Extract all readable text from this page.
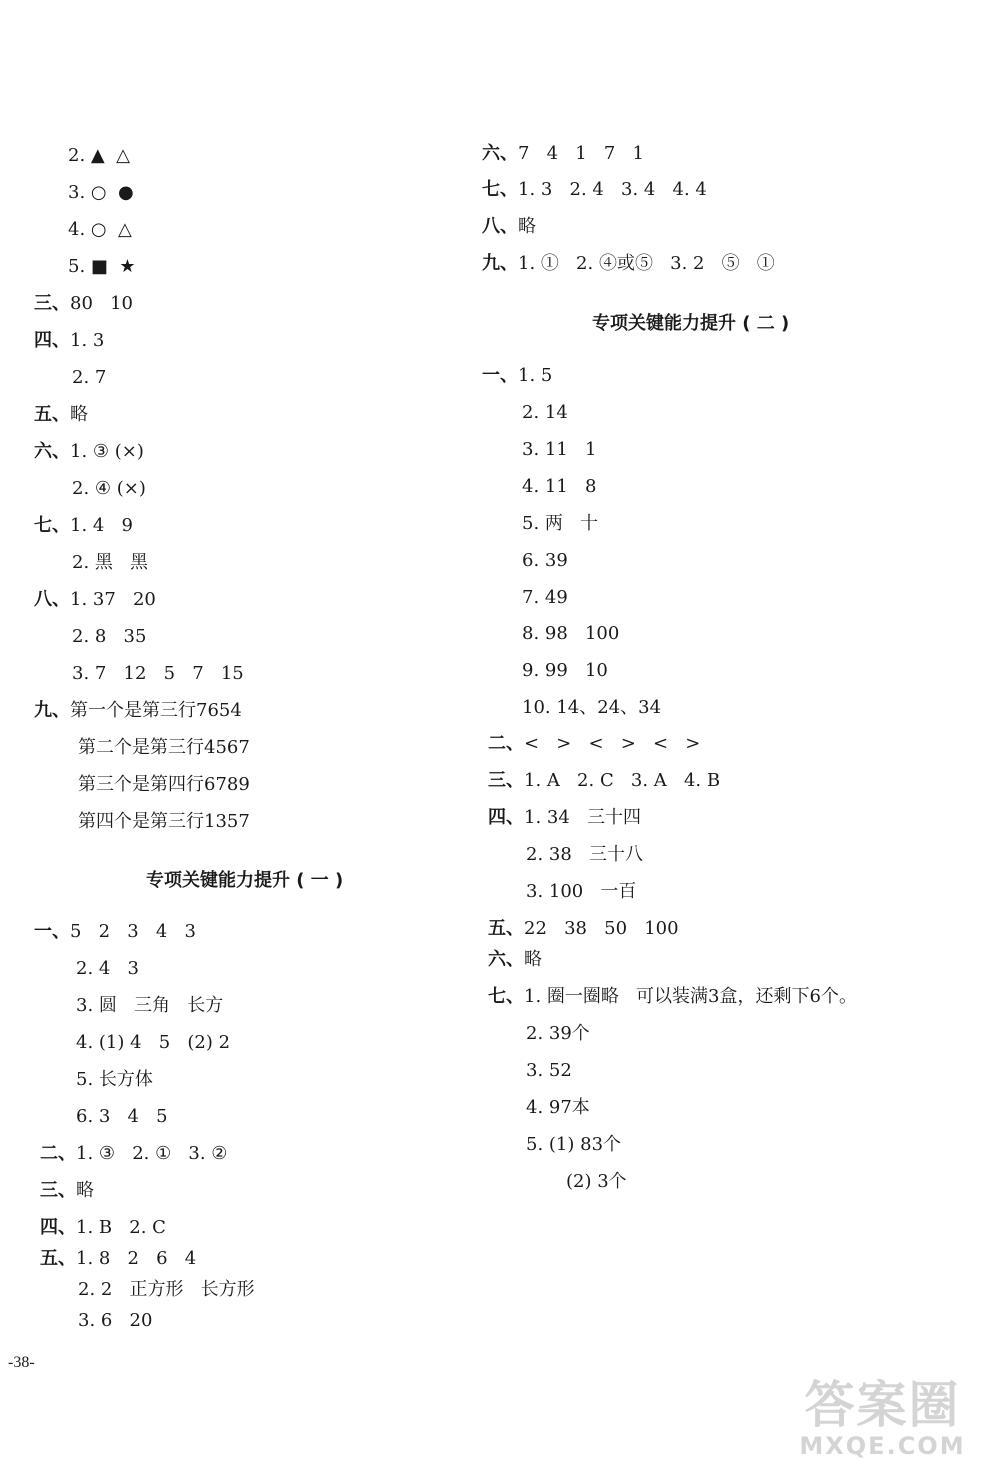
2. ▲  △
3. ○  ●
4. ○  △
5. ■  ★
三、80   10
四、1. 3
2. 7
五、略
六、1. ③ (×)
2. ④ (×)
七、1. 4   9
2. 黑   黑
八、1. 37   20
2. 8   35
3. 7   12   5   7   15
九、第一个是第三行7654
第二个是第三行4567
第三个是第四行6789
第四个是第三行1357
专项关键能力提升 ( 一 )
一、5   2   3   4   3
2. 4   3
3. 圆   三角   长方
4. (1) 4   5   (2) 2
5. 长方体
6. 3   4   5
二、1. ③   2. ①   3. ②
三、略
四、1. B   2. C
五、1. 8   2   6   4
2. 2   正方形   长方形
3. 6   20
六、7   4   1   7   1
七、1. 3   2. 4   3. 4   4. 4
八、略
九、1. ①   2. ④或⑤   3. 2   ⑤   ①
专项关键能力提升 ( 二 )
一、1. 5
2. 14
3. 11   1
4. 11   8
5. 两   十
6. 39
7. 49
8. 98   100
9. 99   10
10. 14、24、34
二、<   >   <   >   <   >
三、1. A   2. C   3. A   4. B
四、1. 34   三十四
2. 38   三十八
3. 100   一百
五、22   38   50   100
六、略
七、1. 圈一圈略   可以装满3盒，还剩下6个。
2. 39个
3. 52
4. 97本
5. (1) 83个
(2) 3个
-38-
答案圈
MXQE.COM
